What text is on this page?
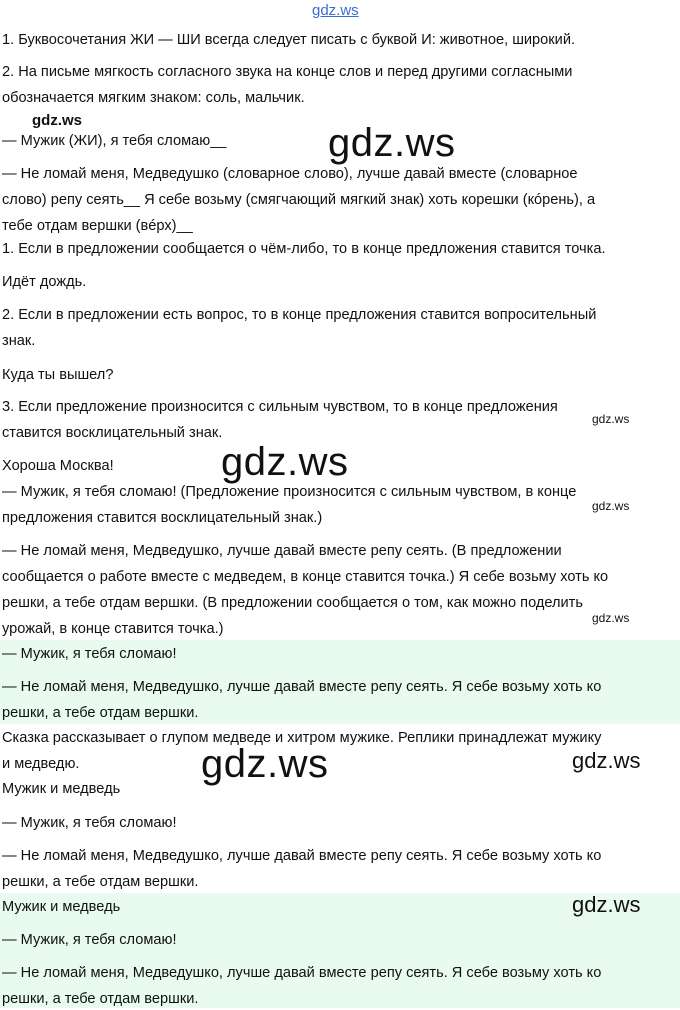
gdz.ws
gdz.ws
gdz.ws
gdz.ws
gdz.ws
gdz.ws
gdz.ws
gdz.ws	gdz.ws
gdz.ws
1. Буквосочетания ЖИ — ШИ всегда следует писать с буквой И: животное, широкий.
2. На письме мягкость согласного звука на конце слов и перед другими согласными
обозначается мягким знаком: соль, мальчик.
— Мужик (ЖИ), я тебя сломаю__
— Не ломай меня, Медведушко (словарное слово), лучше давай вместе (словарное
слово) репу сеять__ Я себе возьму (смягчающий мягкий знак) хоть корешки (кóрень), а
тебе отдам вершки (вéрх)__
1. Если в предложении сообщается о чём-либо, то в конце предложения ставится точка.
Идёт дождь.
2. Если в предложении есть вопрос, то в конце предложения ставится вопросительный
знак.
Куда ты вышел?
3. Если предложение произносится с сильным чувством, то в конце предложения
ставится восклицательный знак.
Хороша Москва!
— Мужик, я тебя сломаю! (Предложение произносится с сильным чувством, в конце
предложения ставится восклицательный знак.)
— Не ломай меня, Медведушко, лучше давай вместе репу сеять. (В предложении
сообщается о работе вместе с медведем, в конце ставится точка.) Я себе возьму хоть ко
решки, а тебе отдам вершки. (В предложении сообщается о том, как можно поделить
урожай, в конце ставится точка.)
— Мужик, я тебя сломаю!
— Не ломай меня, Медведушко, лучше давай вместе репу сеять. Я себе возьму хоть ко
решки, а тебе отдам вершки.
Сказка рассказывает о глупом медведе и хитром мужике. Реплики принадлежат мужику
и медведю.
Мужик и медведь
— Мужик, я тебя сломаю!
— Не ломай меня, Медведушко, лучше давай вместе репу сеять. Я себе возьму хоть ко
решки, а тебе отдам вершки.
Мужик и медведь
— Мужик, я тебя сломаю!
— Не ломай меня, Медведушко, лучше давай вместе репу сеять. Я себе возьму хоть ко
решки, а тебе отдам вершки.
